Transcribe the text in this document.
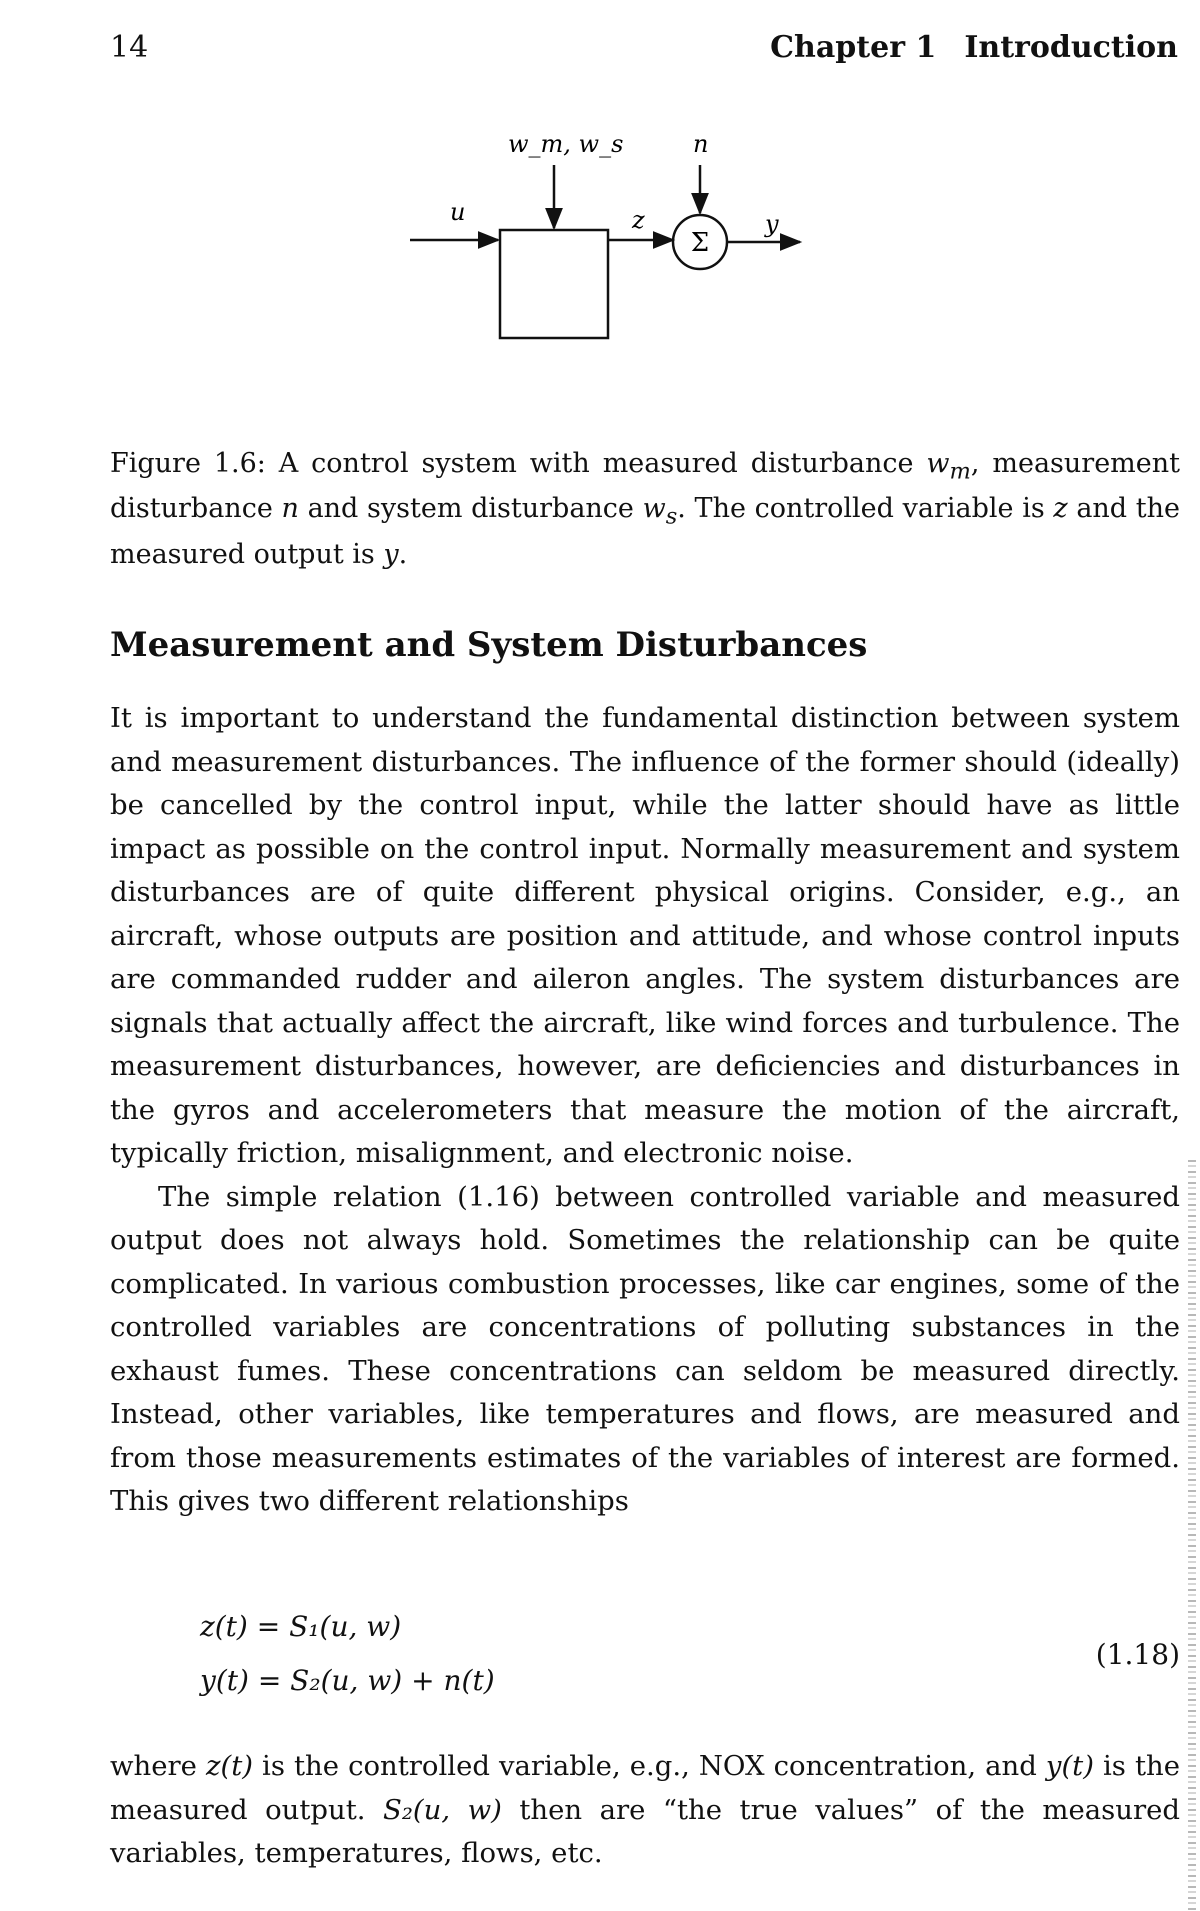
14	Chapter 1 Introduction
w_m, w_s
u	z
Σ
n
y
Figure 1.6: A control system with measured disturbance $w_m$, measurement disturbance n and system disturbance $w_s$. The controlled variable is z and the measured output is y.
Measurement and System Disturbances

It is important to understand the fundamental distinction between system and measurement disturbances. The influence of the former should (ideally) be cancelled by the control input, while the latter should have as little impact as possible on the control input. Normally measurement and system disturbances are of quite different physical origins. Consider, e.g., an aircraft, whose outputs are position and attitude, and whose control inputs are commanded rudder and aileron angles. The system disturbances are signals that actually affect the aircraft, like wind forces and turbulence. The measurement disturbances, however, are deficiencies and disturbances in the gyros and accelerometers that measure the motion of the aircraft, typically friction, misalignment, and electronic noise.

The simple relation (1.16) between controlled variable and measured output does not always hold. Sometimes the relationship can be quite complicated. In various combustion processes, like car engines, some of the controlled variables are concentrations of polluting substances in the exhaust fumes. These concentrations can seldom be measured directly. Instead, other variables, like temperatures and flows, are measured and from those measurements estimates of the variables of interest are formed. This gives two different relationships

z(t) = S₁(u, w)
y(t) = S₂(u, w) + n(t)
(1.18)

where z(t) is the controlled variable, e.g., NOX concentration, and y(t) is the measured output. S₂(u, w) then are “the true values” of the measured variables, temperatures, flows, etc.
